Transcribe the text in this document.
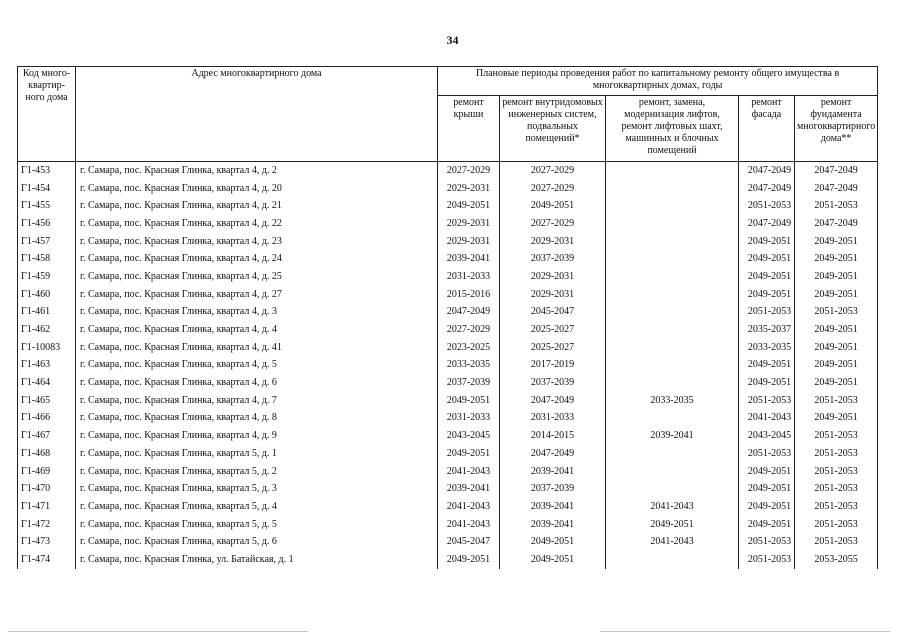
34
Код много-квартир-ного дома	Адрес многоквартирного дома	Плановые периоды проведения работ по капитальному ремонту общего имущества в многоквартирных домах, годы				
		ремонт крыши	ремонт внутридомовых инженерных систем, подвальных помещений*	ремонт, замена, модернизация лифтов, ремонт лифтовых шахт, машинных и блочных помещений	ремонт фасада	ремонт фундамента многоквартирного дома**
Г1-453	г. Самара, пос. Красная Глинка, квартал 4, д. 2	2027-2029	2027-2029		2047-2049	2047-2049
Г1-454	г. Самара, пос. Красная Глинка, квартал 4, д. 20	2029-2031	2027-2029		2047-2049	2047-2049
Г1-455	г. Самара, пос. Красная Глинка, квартал 4, д. 21	2049-2051	2049-2051		2051-2053	2051-2053
Г1-456	г. Самара, пос. Красная Глинка, квартал 4, д. 22	2029-2031	2027-2029		2047-2049	2047-2049
Г1-457	г. Самара, пос. Красная Глинка, квартал 4, д. 23	2029-2031	2029-2031		2049-2051	2049-2051
Г1-458	г. Самара, пос. Красная Глинка, квартал 4, д. 24	2039-2041	2037-2039		2049-2051	2049-2051
Г1-459	г. Самара, пос. Красная Глинка, квартал 4, д. 25	2031-2033	2029-2031		2049-2051	2049-2051
Г1-460	г. Самара, пос. Красная Глинка, квартал 4, д. 27	2015-2016	2029-2031		2049-2051	2049-2051
Г1-461	г. Самара, пос. Красная Глинка, квартал 4, д. 3	2047-2049	2045-2047		2051-2053	2051-2053
Г1-462	г. Самара, пос. Красная Глинка, квартал 4, д. 4	2027-2029	2025-2027		2035-2037	2049-2051
Г1-10083	г. Самара, пос. Красная Глинка, квартал 4, д. 41	2023-2025	2025-2027		2033-2035	2049-2051
Г1-463	г. Самара, пос. Красная Глинка, квартал 4, д. 5	2033-2035	2017-2019		2049-2051	2049-2051
Г1-464	г. Самара, пос. Красная Глинка, квартал 4, д. 6	2037-2039	2037-2039		2049-2051	2049-2051
Г1-465	г. Самара, пос. Красная Глинка, квартал 4, д. 7	2049-2051	2047-2049	2033-2035	2051-2053	2051-2053
Г1-466	г. Самара, пос. Красная Глинка, квартал 4, д. 8	2031-2033	2031-2033		2041-2043	2049-2051
Г1-467	г. Самара, пос. Красная Глинка, квартал 4, д. 9	2043-2045	2014-2015	2039-2041	2043-2045	2051-2053
Г1-468	г. Самара, пос. Красная Глинка, квартал 5, д. 1	2049-2051	2047-2049		2051-2053	2051-2053
Г1-469	г. Самара, пос. Красная Глинка, квартал 5, д. 2	2041-2043	2039-2041		2049-2051	2051-2053
Г1-470	г. Самара, пос. Красная Глинка, квартал 5, д. 3	2039-2041	2037-2039		2049-2051	2051-2053
Г1-471	г. Самара, пос. Красная Глинка, квартал 5, д. 4	2041-2043	2039-2041	2041-2043	2049-2051	2051-2053
Г1-472	г. Самара, пос. Красная Глинка, квартал 5, д. 5	2041-2043	2039-2041	2049-2051	2049-2051	2051-2053
Г1-473	г. Самара, пос. Красная Глинка, квартал 5, д. 6	2045-2047	2049-2051	2041-2043	2051-2053	2051-2053
Г1-474	г. Самара, пос. Красная Глинка, ул. Батайская, д. 1	2049-2051	2049-2051		2051-2053	2053-2055
